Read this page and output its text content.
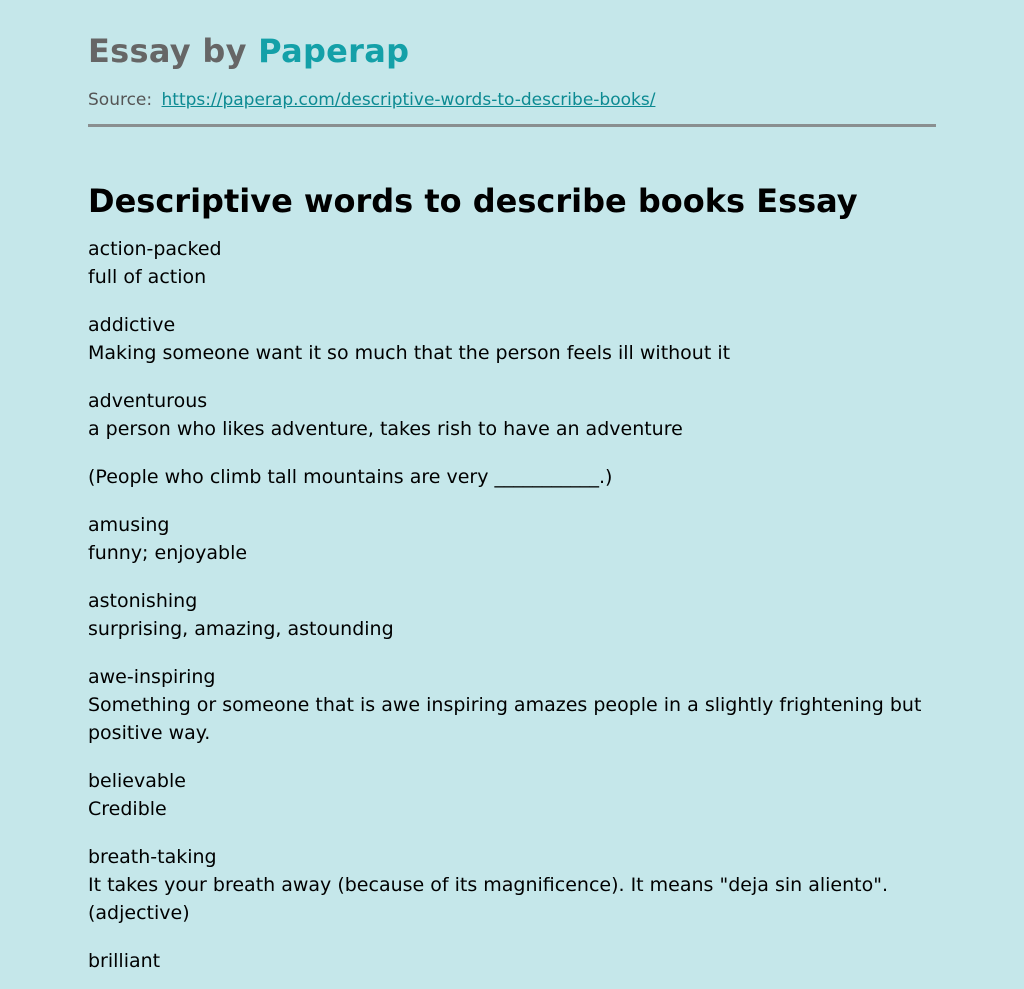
Essay by Paperap
Source: https://paperap.com/descriptive-words-to-describe-books/
Descriptive words to describe books Essay
action-packed
full of action
addictive
Making someone want it so much that the person feels ill without it
adventurous
a person who likes adventure, takes rish to have an adventure
(People who climb tall mountains are very ___________.)
amusing
funny; enjoyable
astonishing
surprising, amazing, astounding
awe-inspiring
Something or someone that is awe inspiring amazes people in a slightly frightening but positive way.
believable
Credible
breath-taking
It takes your breath away (because of its magnificence). It means "deja sin aliento". (adjective)
brilliant
